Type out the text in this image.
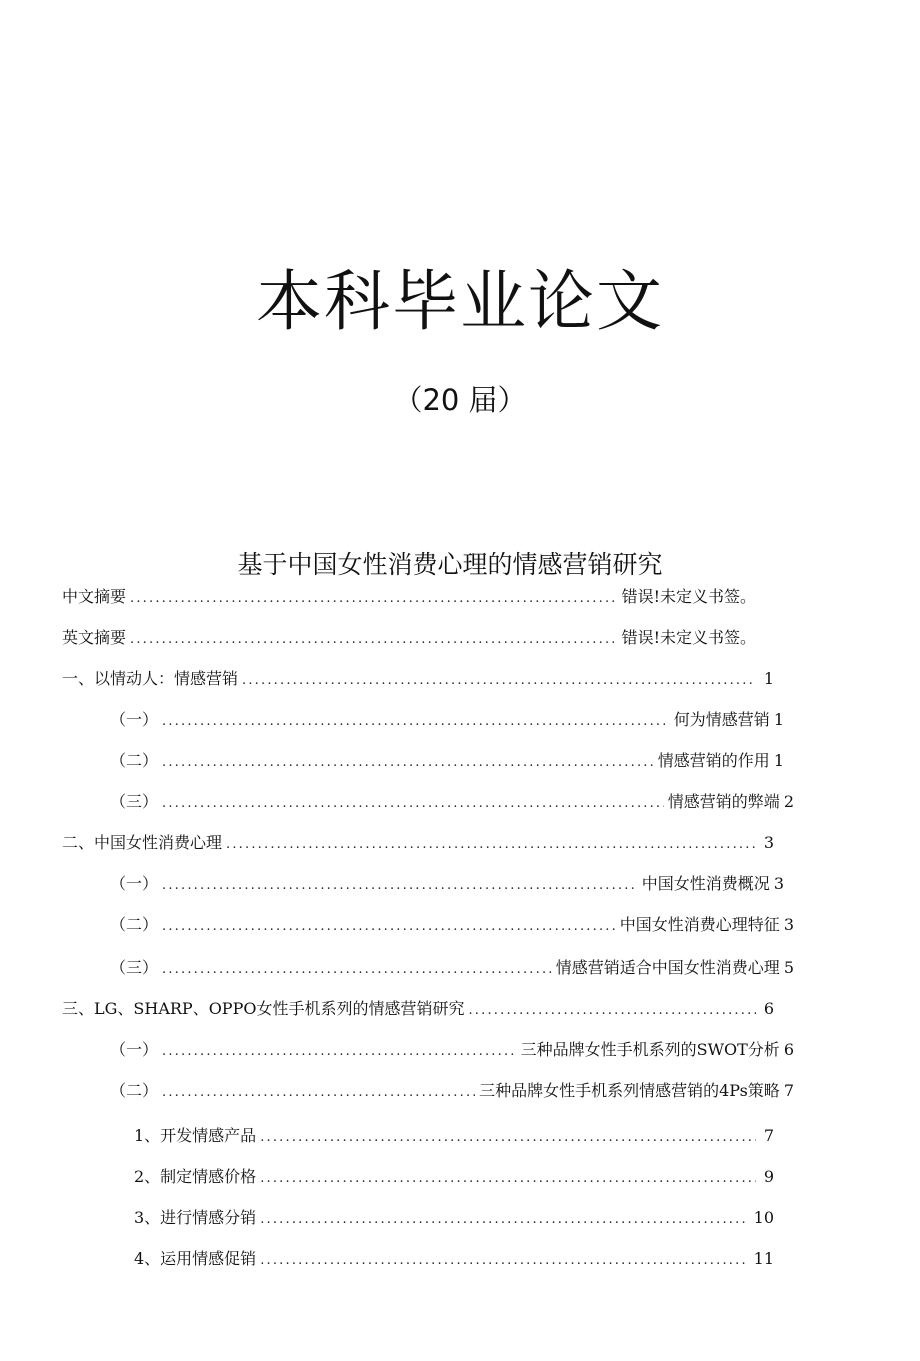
本科毕业论文
（20 届）
基于中国女性消费心理的情感营销研究
中文摘要 .....	错误!未定义书签。
英文摘要 .....	错误!未定义书签。
一、以情动人：情感营销 .....	1
（一） .....	何为情感营销 1
（二） .....	情感营销的作用 1
（三） .....	情感营销的弊端 2
二、中国女性消费心理 .....	3
（一） .....	中国女性消费概况 3
（二） .....	中国女性消费心理特征 3
（三） .....	情感营销适合中国女性消费心理 5
三、LG、SHARP、OPPO女性手机系列的情感营销研究 .....	6
（一） .....	三种品牌女性手机系列的SWOT分析 6
（二） .....	三种品牌女性手机系列情感营销的4Ps策略 7
1、开发情感产品 .....	7
2、制定情感价格 .....	9
3、进行情感分销 .....	10
4、运用情感促销 .....	11
